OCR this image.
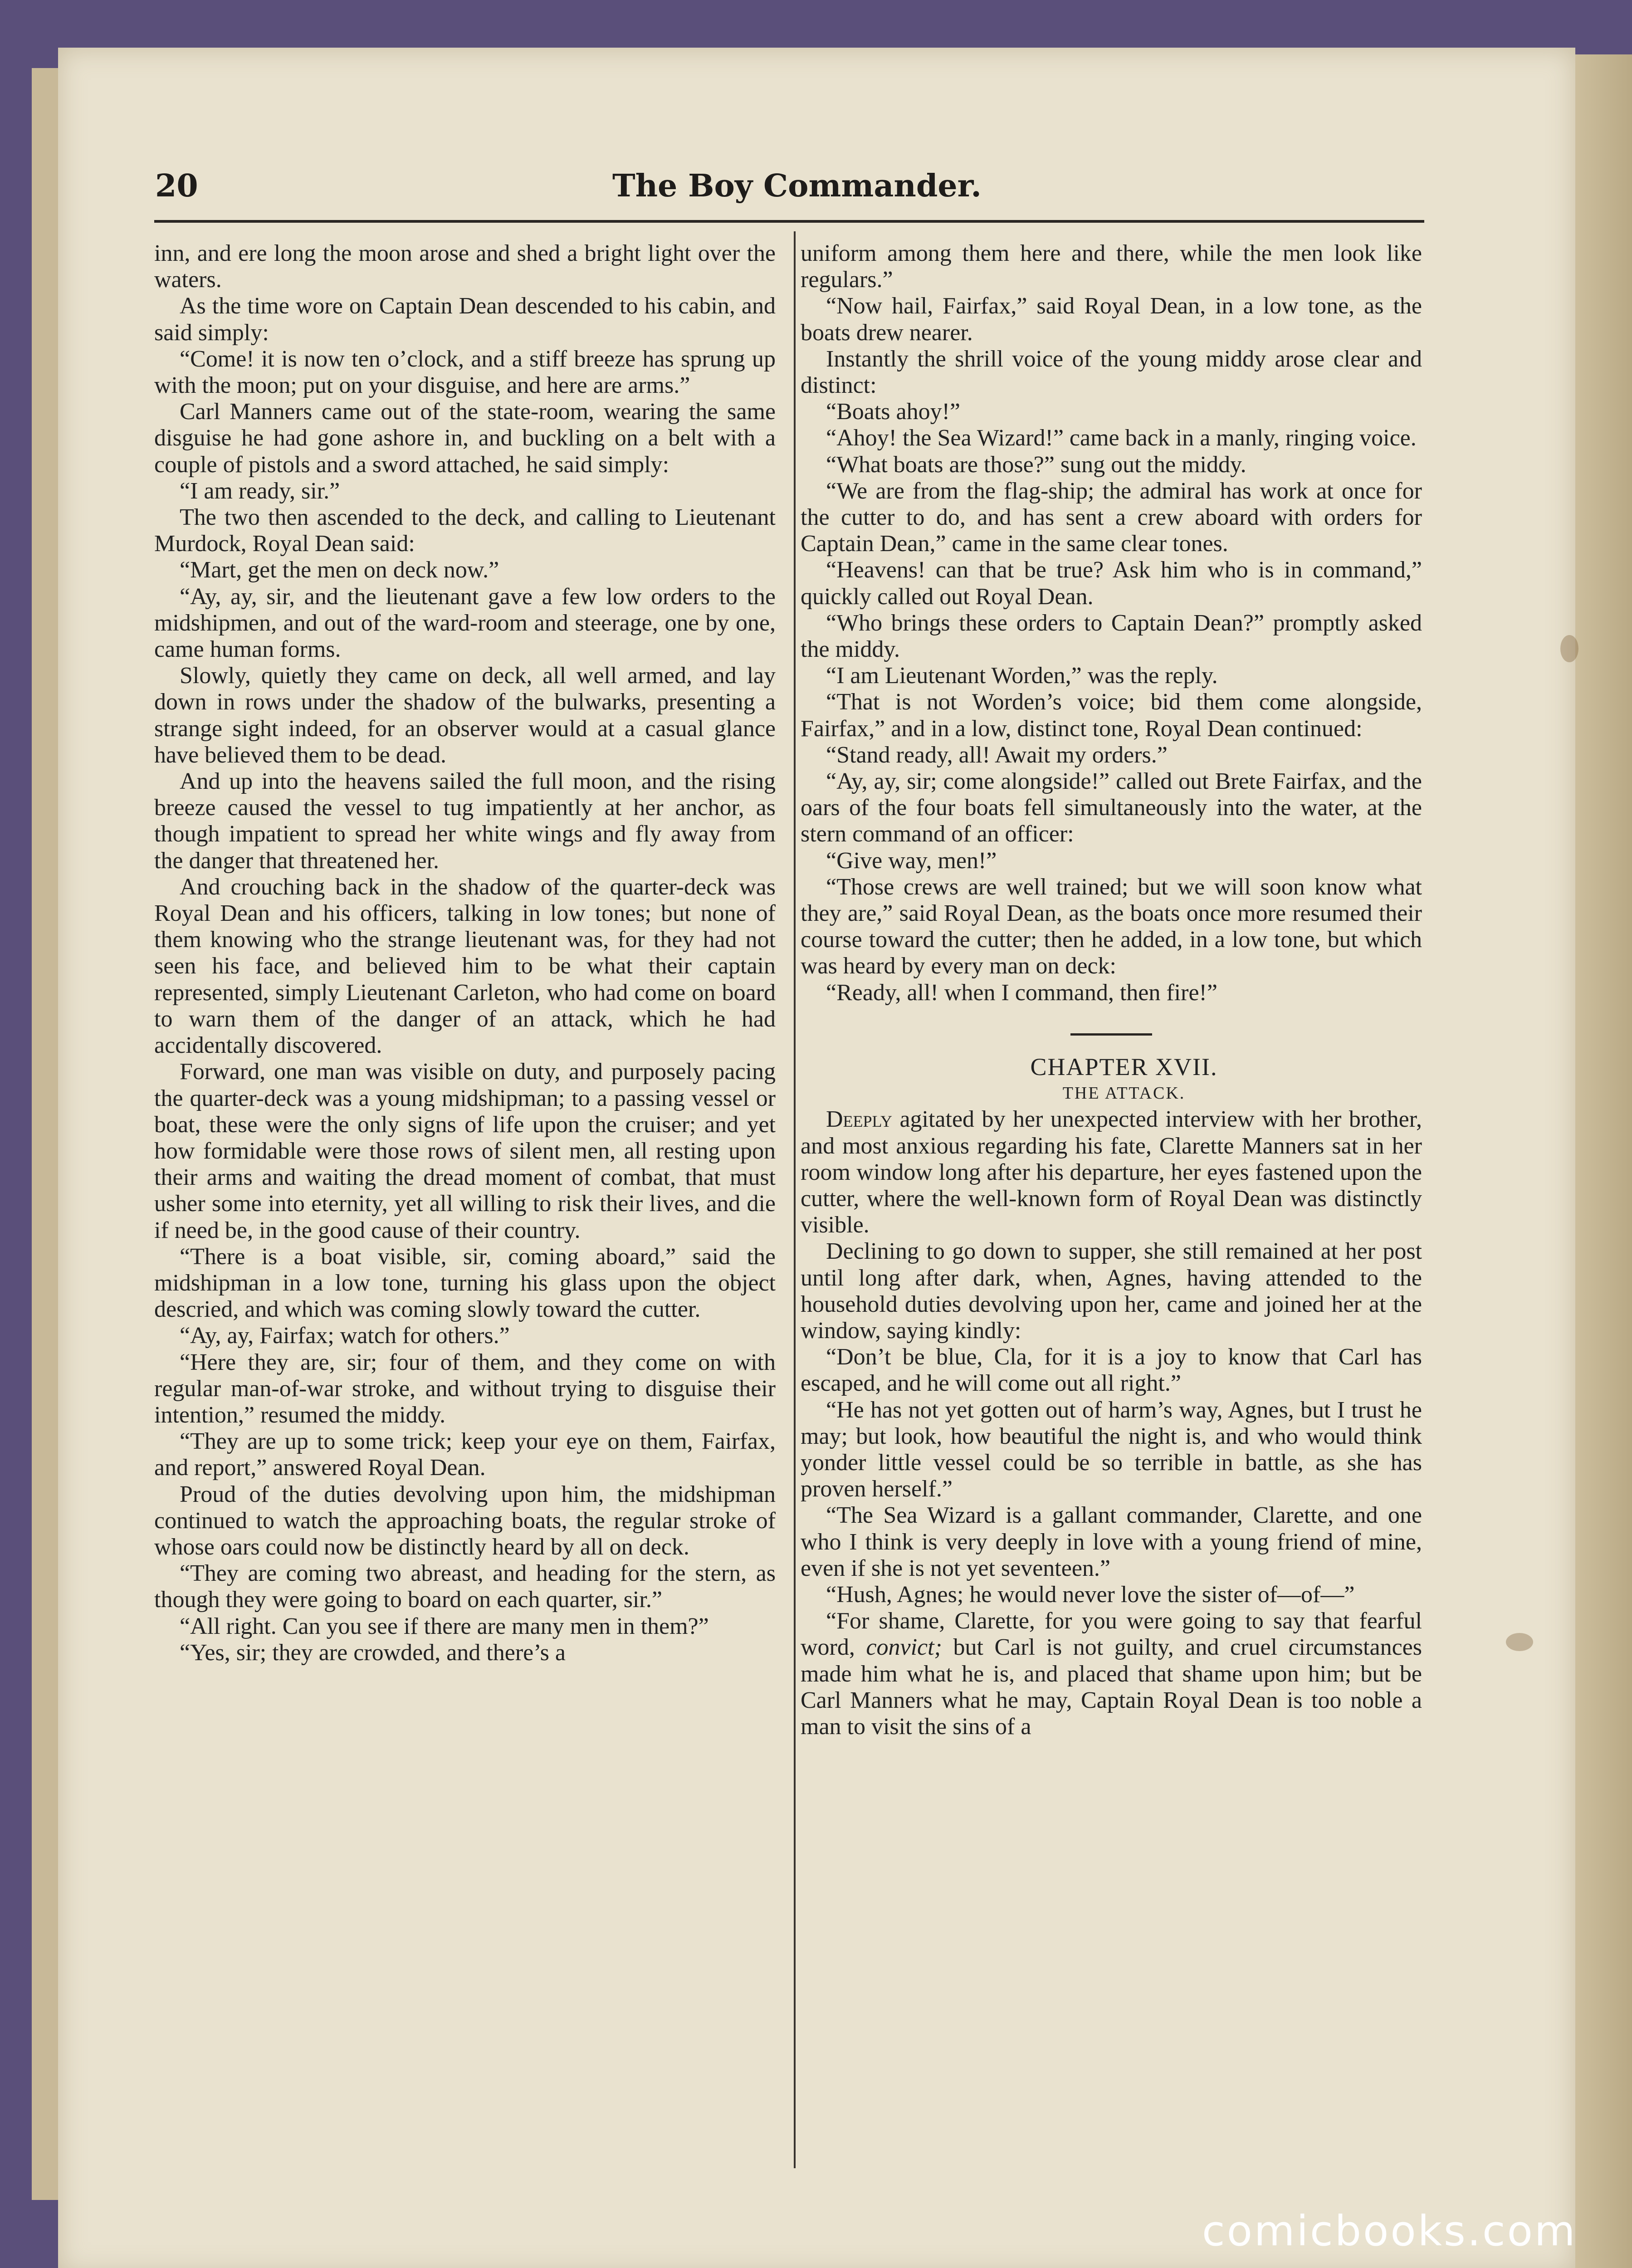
20	The Boy Commander.

inn, and ere long the moon arose and shed a bright light over the waters.

As the time wore on Captain Dean descended to his cabin, and said simply:

“Come! it is now ten o’clock, and a stiff breeze has sprung up with the moon; put on your disguise, and here are arms.”

Carl Manners came out of the state-room, wearing the same disguise he had gone ashore in, and buckling on a belt with a couple of pistols and a sword attached, he said simply:

“I am ready, sir.”

The two then ascended to the deck, and calling to Lieutenant Murdock, Royal Dean said:

“Mart, get the men on deck now.”

“Ay, ay, sir, and the lieutenant gave a few low orders to the midshipmen, and out of the ward-room and steerage, one by one, came human forms.

Slowly, quietly they came on deck, all well armed, and lay down in rows under the shadow of the bulwarks, presenting a strange sight indeed, for an observer would at a casual glance have believed them to be dead.

And up into the heavens sailed the full moon, and the rising breeze caused the vessel to tug impatiently at her anchor, as though impatient to spread her white wings and fly away from the danger that threatened her.

And crouching back in the shadow of the quarter-deck was Royal Dean and his officers, talking in low tones; but none of them knowing who the strange lieutenant was, for they had not seen his face, and believed him to be what their captain represented, simply Lieutenant Carleton, who had come on board to warn them of the danger of an attack, which he had accidentally discovered.

Forward, one man was visible on duty, and purposely pacing the quarter-deck was a young midshipman; to a passing vessel or boat, these were the only signs of life upon the cruiser; and yet how formidable were those rows of silent men, all resting upon their arms and waiting the dread moment of combat, that must usher some into eternity, yet all willing to risk their lives, and die if need be, in the good cause of their country.

“There is a boat visible, sir, coming aboard,” said the midshipman in a low tone, turning his glass upon the object descried, and which was coming slowly toward the cutter.

“Ay, ay, Fairfax; watch for others.”

“Here they are, sir; four of them, and they come on with regular man-of-war stroke, and without trying to disguise their intention,” resumed the middy.

“They are up to some trick; keep your eye on them, Fairfax, and report,” answered Royal Dean.

Proud of the duties devolving upon him, the midshipman continued to watch the approaching boats, the regular stroke of whose oars could now be distinctly heard by all on deck.

“They are coming two abreast, and heading for the stern, as though they were going to board on each quarter, sir.”

“All right. Can you see if there are many men in them?”

“Yes, sir; they are crowded, and there’s a

uniform among them here and there, while the men look like regulars.”

“Now hail, Fairfax,” said Royal Dean, in a low tone, as the boats drew nearer.

Instantly the shrill voice of the young middy arose clear and distinct:

“Boats ahoy!”

“Ahoy! the Sea Wizard!” came back in a manly, ringing voice.

“What boats are those?” sung out the middy.

“We are from the flag-ship; the admiral has work at once for the cutter to do, and has sent a crew aboard with orders for Captain Dean,” came in the same clear tones.

“Heavens! can that be true? Ask him who is in command,” quickly called out Royal Dean.

“Who brings these orders to Captain Dean?” promptly asked the middy.

“I am Lieutenant Worden,” was the reply.

“That is not Worden’s voice; bid them come alongside, Fairfax,” and in a low, distinct tone, Royal Dean continued:

“Stand ready, all! Await my orders.”

“Ay, ay, sir; come alongside!” called out Brete Fairfax, and the oars of the four boats fell simultaneously into the water, at the stern command of an officer:

“Give way, men!”

“Those crews are well trained; but we will soon know what they are,” said Royal Dean, as the boats once more resumed their course toward the cutter; then he added, in a low tone, but which was heard by every man on deck:

“Ready, all! when I command, then fire!”

CHAPTER XVII.

THE ATTACK.

Deeply agitated by her unexpected interview with her brother, and most anxious regarding his fate, Clarette Manners sat in her room window long after his departure, her eyes fastened upon the cutter, where the well-known form of Royal Dean was distinctly visible.

Declining to go down to supper, she still remained at her post until long after dark, when, Agnes, having attended to the household duties devolving upon her, came and joined her at the window, saying kindly:

“Don’t be blue, Cla, for it is a joy to know that Carl has escaped, and he will come out all right.”

“He has not yet gotten out of harm’s way, Agnes, but I trust he may; but look, how beautiful the night is, and who would think yonder little vessel could be so terrible in battle, as she has proven herself.”

“The Sea Wizard is a gallant commander, Clarette, and one who I think is very deeply in love with a young friend of mine, even if she is not yet seventeen.”

“Hush, Agnes; he would never love the sister of—of—”

“For shame, Clarette, for you were going to say that fearful word, convict; but Carl is not guilty, and cruel circumstances made him what he is, and placed that shame upon him; but be Carl Manners what he may, Captain Royal Dean is too noble a man to visit the sins of a

comicbooks.com
